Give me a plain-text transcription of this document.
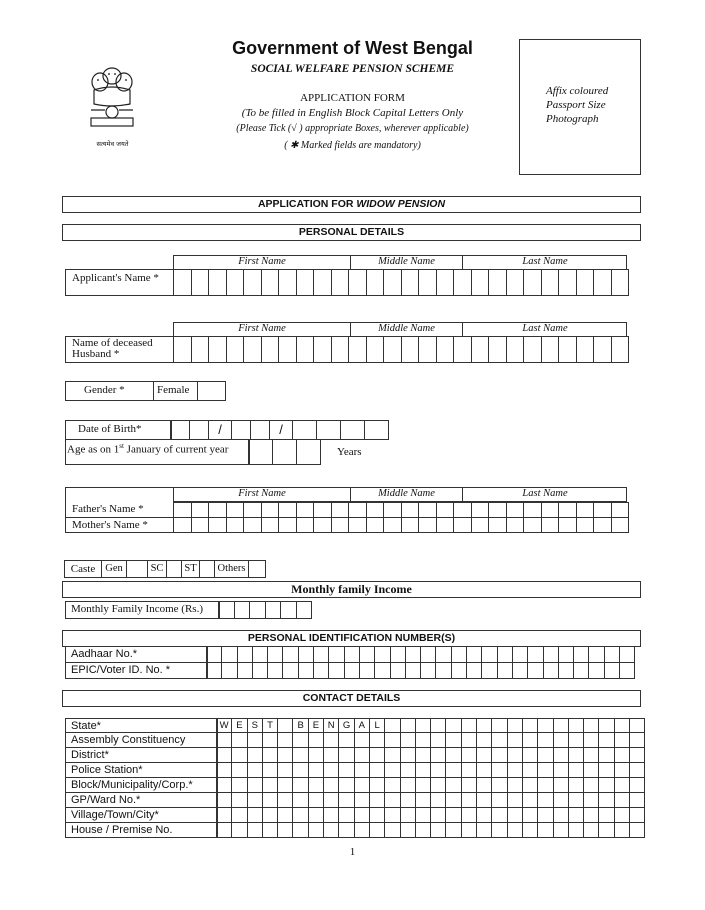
सत्यमेव जयते
Government of West Bengal
SOCIAL WELFARE PENSION SCHEME
APPLICATION FORM
(To be filled in English Block Capital Letters Only
(Please Tick (√ ) appropriate Boxes, wherever applicable)
( ✱ Marked fields are mandatory)
Affix coloured
Passport Size
Photograph
APPLICATION FOR WIDOW PENSION
PERSONAL DETAILS
First Name	Middle Name	Last Name
Applicant's Name *
First Name	Middle Name	Last Name
Name of deceased
Husband *
Gender *	Female
Date of Birth*	/	/
Age as on 1st January of current year	Years
First Name	Middle Name	Last Name
Father's Name *
Mother's Name *
Caste Gen	SC	ST	Others
Monthly family Income
Monthly Family Income (Rs.)
PERSONAL IDENTIFICATION NUMBER(S)
Aadhaar No.*
EPIC/Voter ID. No. *
CONTACT DETAILS
State*	W E S T	B E N G A L
Assembly Constituency
District*
Police Station*
Block/Municipality/Corp.*
GP/Ward No.*
Village/Town/City*
House / Premise No.
1
